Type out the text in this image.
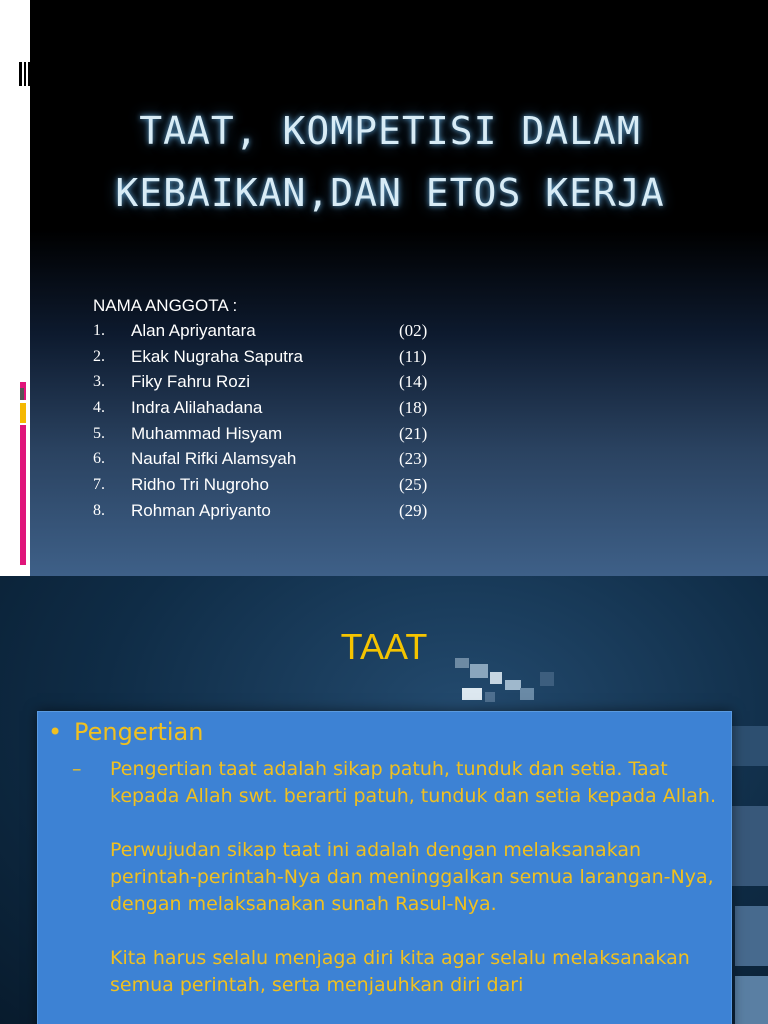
TAAT, KOMPETISI DALAM
KEBAIKAN,DAN ETOS KERJA
NAMA ANGGOTA :
1. Alan Apriyantara	(02)
2. Ekak Nugraha Saputra	(11)
3. Fiky Fahru Rozi	(14)
4. Indra Alilahadana	(18)
5. Muhammad Hisyam	(21)
6. Naufal Rifki Alamsyah	(23)
7. Ridho Tri Nugroho	(25)
8. Rohman Apriyanto	(29)
TAAT
• Pengertian
– Pengertian taat adalah sikap patuh, tunduk dan setia. Taat kepada Allah swt. berarti patuh, tunduk dan setia kepada Allah.
Perwujudan sikap taat ini adalah dengan melaksanakan perintah-perintah-Nya dan meninggalkan semua larangan-Nya, dengan melaksanakan sunah Rasul-Nya.
Kita harus selalu menjaga diri kita agar selalu melaksanakan semua perintah, serta menjauhkan diri dari
